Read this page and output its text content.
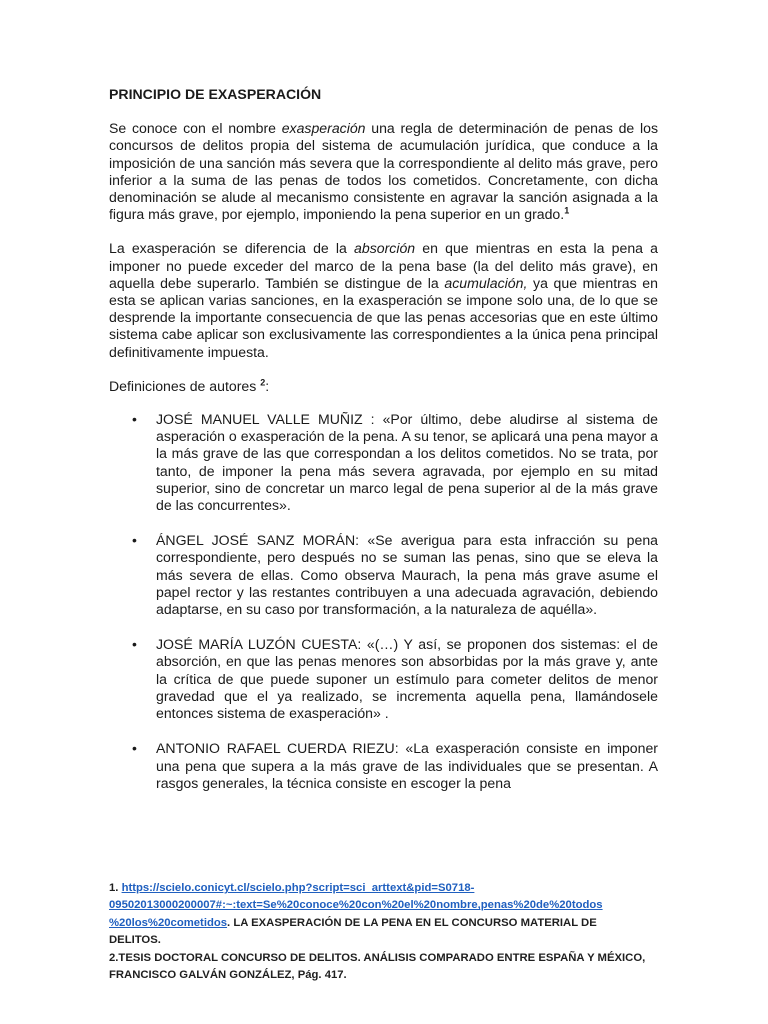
PRINCIPIO DE EXASPERACIÓN

Se conoce con el nombre exasperación una regla de determinación de penas de los concursos de delitos propia del sistema de acumulación jurídica, que conduce a la imposición de una sanción más severa que la correspondiente al delito más grave, pero inferior a la suma de las penas de todos los cometidos. Concretamente, con dicha denominación se alude al mecanismo consistente en agravar la sanción asignada a la figura más grave, por ejemplo, imponiendo la pena superior en un grado.$^1$

La exasperación se diferencia de la absorción en que mientras en esta la pena a imponer no puede exceder del marco de la pena base (la del delito más grave), en aquella debe superarlo. También se distingue de la acumulación, ya que mientras en esta se aplican varias sanciones, en la exasperación se impone solo una, de lo que se desprende la importante consecuencia de que las penas accesorias que en este último sistema cabe aplicar son exclusivamente las correspondientes a la única pena principal definitivamente impuesta.

Definiciones de autores $^2$:

• JOSÉ MANUEL VALLE MUÑIZ : «Por último, debe aludirse al sistema de asperación o exasperación de la pena. A su tenor, se aplicará una pena mayor a la más grave de las que correspondan a los delitos cometidos. No se trata, por tanto, de imponer la pena más severa agravada, por ejemplo en su mitad superior, sino de concretar un marco legal de pena superior al de la más grave de las concurrentes».
• ÁNGEL JOSÉ SANZ MORÁN: «Se averigua para esta infracción su pena correspondiente, pero después no se suman las penas, sino que se eleva la más severa de ellas. Como observa Maurach, la pena más grave asume el papel rector y las restantes contribuyen a una adecuada agravación, debiendo adaptarse, en su caso por transformación, a la naturaleza de aquélla».
• JOSÉ MARÍA LUZÓN CUESTA: «(…) Y así, se proponen dos sistemas: el de absorción, en que las penas menores son absorbidas por la más grave y, ante la crítica de que puede suponer un estímulo para cometer delitos de menor gravedad que el ya realizado, se incrementa aquella pena, llamándosele entonces sistema de exasperación» .
• ANTONIO RAFAEL CUERDA RIEZU: «La exasperación consiste en imponer una pena que supera a la más grave de las individuales que se presentan. A rasgos generales, la técnica consiste en escoger la pena
1. https://scielo.conicyt.cl/scielo.php?script=sci_arttext&pid=S0718-
09502013000200007#:~:text=Se%20conoce%20con%20el%20nombre,penas%20de%20todos
%20los%20cometidos. LA EXASPERACIÓN DE LA PENA EN EL CONCURSO MATERIAL DE
DELITOS.
2.TESIS DOCTORAL CONCURSO DE DELITOS. ANÁLISIS COMPARADO ENTRE ESPAÑA Y MÉXICO,
FRANCISCO GALVÁN GONZÁLEZ, Pág. 417.
